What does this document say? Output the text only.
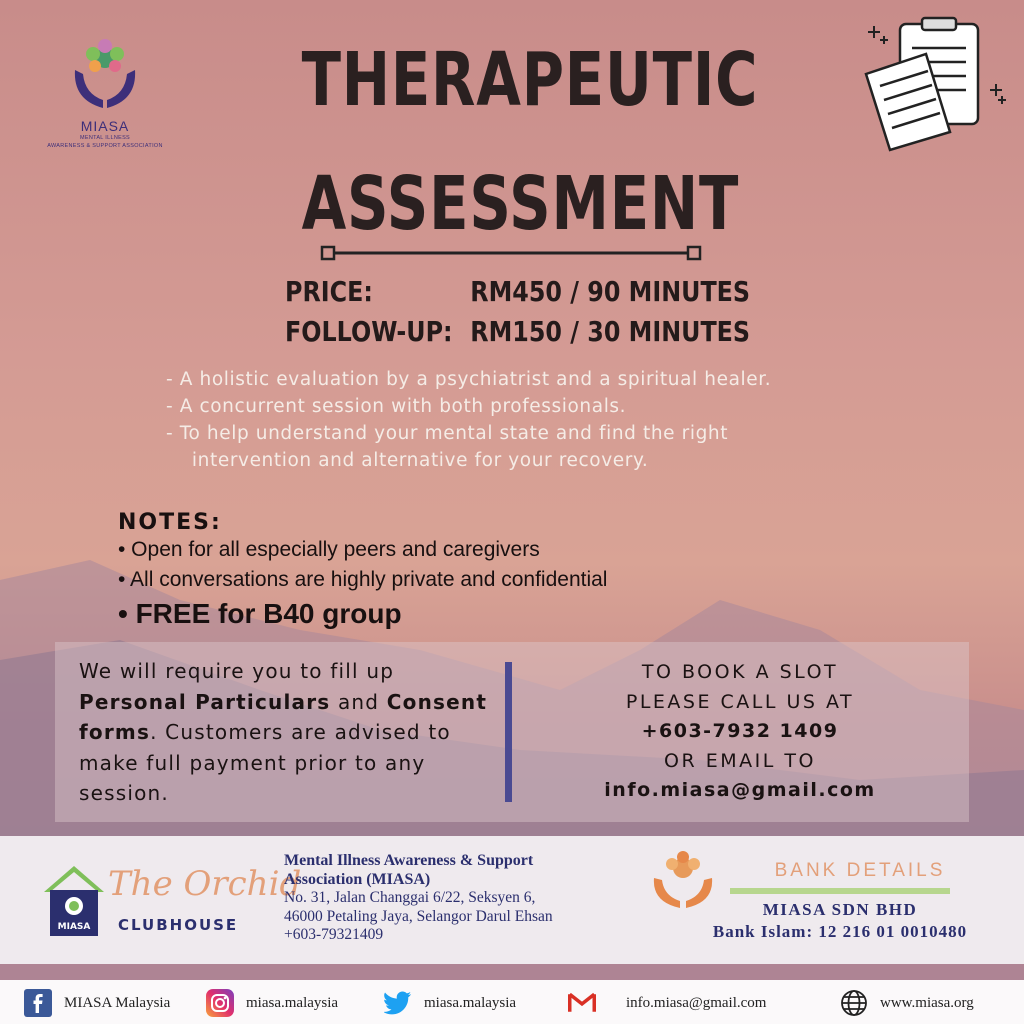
MIASA
MENTAL ILLNESS
AWARENESS & SUPPORT ASSOCIATION
THERAPEUTIC
ASSESSMENT
PRICE:	RM450 / 90 MINUTES
FOLLOW-UP: RM150 / 30 MINUTES
- A holistic evaluation by a psychiatrist and a spiritual healer.
- A concurrent session with both professionals.
- To help understand your mental state and find the right
intervention and alternative for your recovery.
NOTES:
• Open for all especially peers and caregivers
• All conversations are highly private and confidential
• FREE for B40 group
We will require you to fill up Personal Particulars and Consent forms. Customers are advised to make full payment prior to any session.
TO BOOK A SLOT
PLEASE CALL US AT
+603-7932 1409
OR EMAIL TO
info.miasa@gmail.com
MIASA
The Orchid
CLUBHOUSE
Mental Illness Awareness & Support
Association (MIASA)
No. 31, Jalan Changgai 6/22, Seksyen 6,
46000 Petaling Jaya, Selangor Darul Ehsan
+603-79321409
BANK DETAILS
MIASA SDN BHD
Bank Islam: 12 216 01 0010480
MIASA Malaysia	miasa.malaysia	miasa.malaysia	info.miasa@gmail.com	www.miasa.org
